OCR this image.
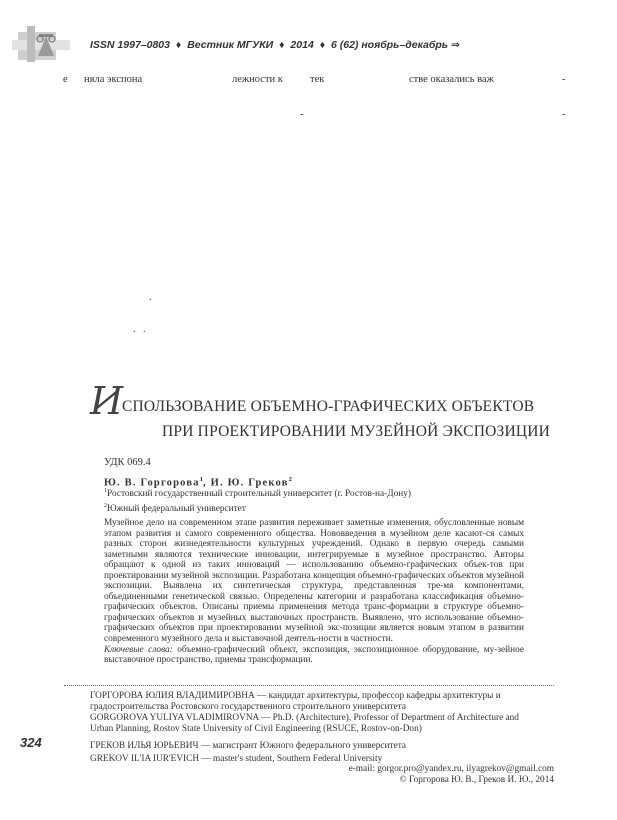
ISSN 1997–0803 ♦ Вестник МГУКИ ♦ 2014 ♦ 6 (62) ноябрь–декабрь ⇒
е няла экспона	лежности к	тек	стве оказались важ	-
-	-
.
. .
И
СПОЛЬЗОВАНИЕ ОБЪЕМНО-ГРАФИЧЕСКИХ ОБЪЕКТОВ
ПРИ ПРОЕКТИРОВАНИИ МУЗЕЙНОЙ ЭКСПОЗИЦИИ
УДК 069.4
Ю. В. Горгорова$^1$, И. Ю. Греков$^2$
$^1$Ростовский государственный строительный университет (г. Ростов-на-Дону)
$^2$Южный федеральный университет

Музейное дело на современном этапе развития переживает заметные изменения, обусловленные новым этапом развития и самого современного общества. Нововведения в музейном деле касают-ся самых разных сторон жизнедеятельности культурных учреждений. Однако в первую очередь самыми заметными являются технические инновации, интегрируемые в музейное пространство. Авторы обращают к одной из таких инноваций — использованию объемно-графических объек-тов при проектировании музейной экспозиции. Разработана концепция объемно-графических объектов музейной экспозиции. Выявлена их синтетическая структура, представленная тре-мя компонентами, объединенными генетической связью. Определены категории и разработана классификация объемно-графических объектов. Описаны приемы применения метода транс-формации в структуре объемно-графических объектов и музейных выставочных пространств. Выявлено, что использование объемно-графических объектов при проектировании музейной экс-позиции является новым этапом в развитии современного музейного дела и выставочной деятель-ности в частности.

Ключевые слова: объемно-графический объект, экспозиция, экспозиционное оборудование, му-зейное выставочное пространство, приемы трансформации.

ГОРГОРОВА ЮЛИЯ ВЛАДИМИРОВНА — кандидат архитектуры, профессор кафедры архитектуры и градостроительства Ростовского государственного строительного университета
GORGOROVA YULIYA VLADIMIROVNA — Ph.D. (Architecture), Professor of Department of Architecture and Urban Planning, Rostov State University of Civil Engineering (RSUCE, Rostov-on-Don)
ГРЕКОВ ИЛЬЯ ЮРЬЕВИЧ — магистрант Южного федерального университета
GREKOV IL'IA IUR'EVICH — master's student, Southern Federal University
e-mail: gorgor.pro@yandex.ru, ilyagrekov@gmail.com
© Горгорова Ю. В., Греков И. Ю., 2014
324
